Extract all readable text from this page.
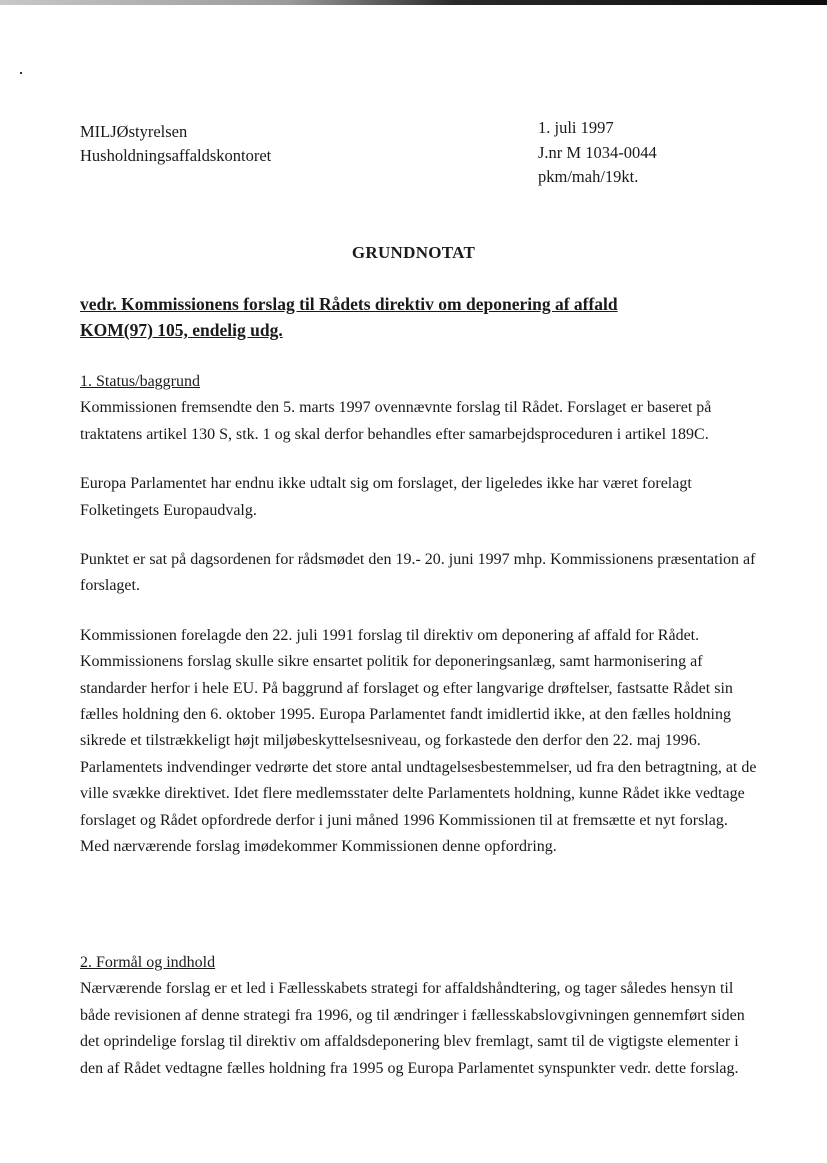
MILJØstyrelsen
Husholdningsaffaldskontoret
1. juli 1997
J.nr M 1034-0044
pkm/mah/19kt.
GRUNDNOTAT
vedr. Kommissionens forslag til Rådets direktiv om deponering af affald
KOM(97) 105, endelig udg.
1. Status/baggrund

Kommissionen fremsendte den 5. marts 1997 ovennævnte forslag til Rådet. Forslaget er baseret på traktatens artikel 130 S, stk. 1 og skal derfor behandles efter samarbejdsproceduren i artikel 189C.

Europa Parlamentet har endnu ikke udtalt sig om forslaget, der ligeledes ikke har været forelagt Folketingets Europaudvalg.

Punktet er sat på dagsordenen for rådsmødet den 19.- 20. juni 1997 mhp. Kommissionens præsentation af forslaget.

Kommissionen forelagde den 22. juli 1991 forslag til direktiv om deponering af affald for Rådet. Kommissionens forslag skulle sikre ensartet politik for deponeringsanlæg, samt harmonisering af standarder herfor i hele EU. På baggrund af forslaget og efter langvarige drøftelser, fastsatte Rådet sin fælles holdning den 6. oktober 1995. Europa Parlamentet fandt imidlertid ikke, at den fælles holdning sikrede et tilstrækkeligt højt miljøbeskyttelsesniveau, og forkastede den derfor den 22. maj 1996. Parlamentets indvendinger vedrørte det store antal undtagelsesbestemmelser, ud fra den betragtning, at de ville svække direktivet. Idet flere medlemsstater delte Parlamentets holdning, kunne Rådet ikke vedtage forslaget og Rådet opfordrede derfor i juni måned 1996 Kommissionen til at fremsætte et nyt forslag. Med nærværende forslag imødekommer Kommissionen denne opfordring.

2. Formål og indhold

Nærværende forslag er et led i Fællesskabets strategi for affaldshåndtering, og tager således hensyn til både revisionen af denne strategi fra 1996, og til ændringer i fællesskabslovgivningen gennemført siden det oprindelige forslag til direktiv om affaldsdeponering blev fremlagt, samt til de vigtigste elementer i den af Rådet vedtagne fælles holdning fra 1995 og Europa Parlamentet synspunkter vedr. dette forslag.
